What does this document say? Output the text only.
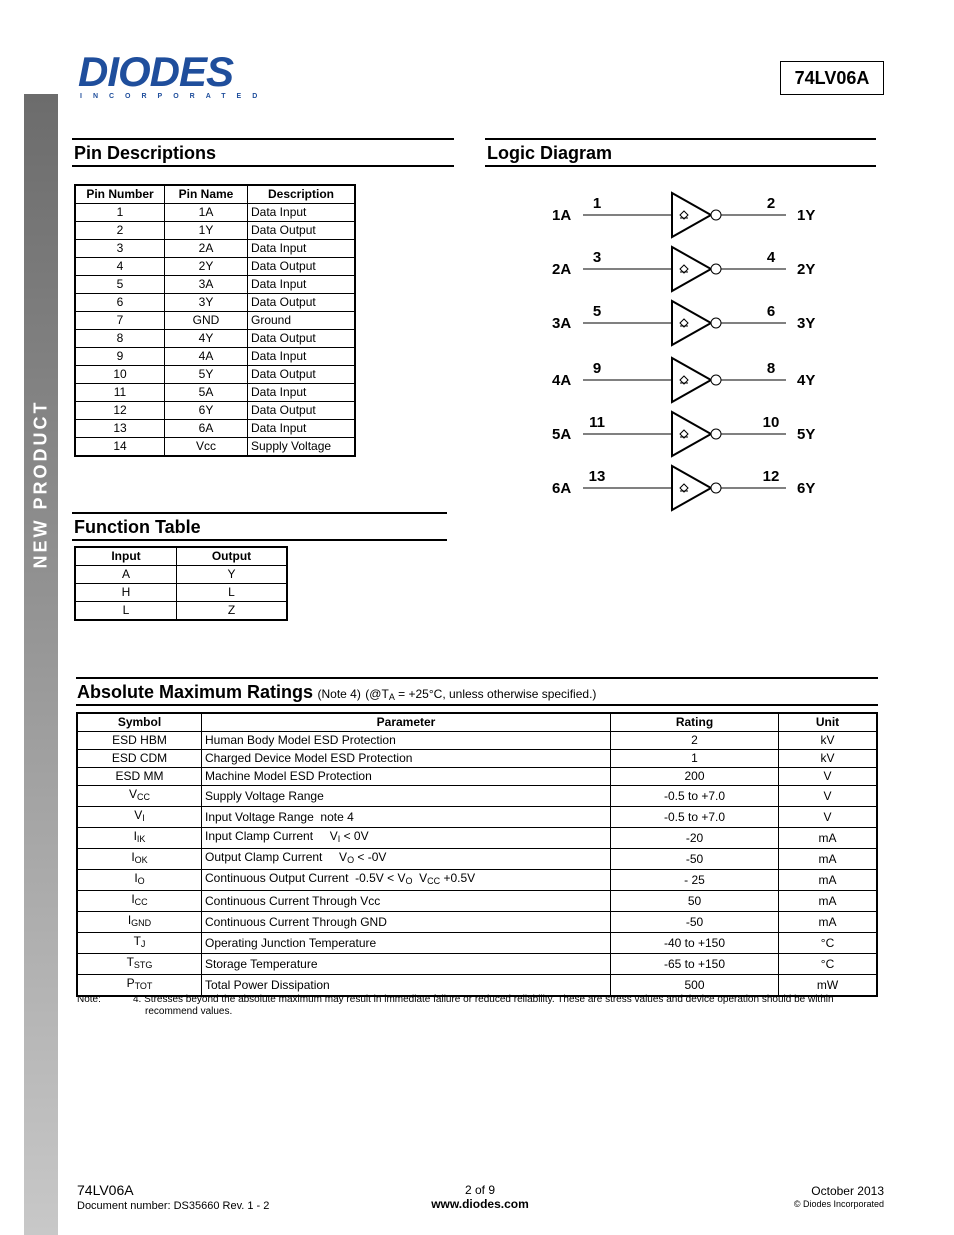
NEW PRODUCT
DIODES
INCORPORATED
74LV06A
Pin Descriptions
Pin Number	Pin Name	Description
1	1A	Data Input
2	1Y	Data Output
3	2A	Data Input
4	2Y	Data Output
5	3A	Data Input
6	3Y	Data Output
7	GND	Ground
8	4Y	Data Output
9	4A	Data Input
10	5Y	Data Output
11	5A	Data Input
12	6Y	Data Output
13	6A	Data Input
14	Vcc	Supply Voltage
Logic Diagram
1A
1	2
1Y
2A
3	4
2Y
3A
5	6
3Y
4A
9	8
4Y
5A
11	10
5Y
6A
13	12
6Y
Function Table
Input	Output
A	Y
H	L
L	Z
Absolute Maximum Ratings (Note 4) ($@T_A = +25^\circ C$, unless otherwise specified.)
Symbol	Parameter	Rating	Unit
ESD HBM	Human Body Model ESD Protection	2	kV
ESD CDM	Charged Device Model ESD Protection	1	kV
ESD MM	Machine Model ESD Protection	200	V
$V_{CC}$	Supply Voltage Range	-0.5 to +7.0	V
$V_I$	Input Voltage Range  note 4	-0.5 to +7.0	V
$I_{IK}$	Input Clamp Current     $V_I < 0V$	-20	mA
$I_{OK}$	Output Clamp Current     $V_O < -0V$	-50	mA
$I_O$	Continuous Output Current  $-0.5V < V_O$  $V_{CC} +0.5V$	- 25	mA
$I_{CC}$	Continuous Current Through Vcc	50	mA
$I_{GND}$	Continuous Current Through GND	-50	mA
$T_J$	Operating Junction Temperature	-40 to +150	°C
$T_{STG}$	Storage Temperature	-65 to +150	°C
$P_{TOT}$	Total Power Dissipation	500	mW
Note:	4. Stresses beyond the absolute maximum may result in immediate failure or reduced reliability. These are stress values and device operation should be within recommend values.
74LV06A
Document number: DS35660 Rev. 1 - 2
2 of 9
www.diodes.com
October 2013
© Diodes Incorporated
